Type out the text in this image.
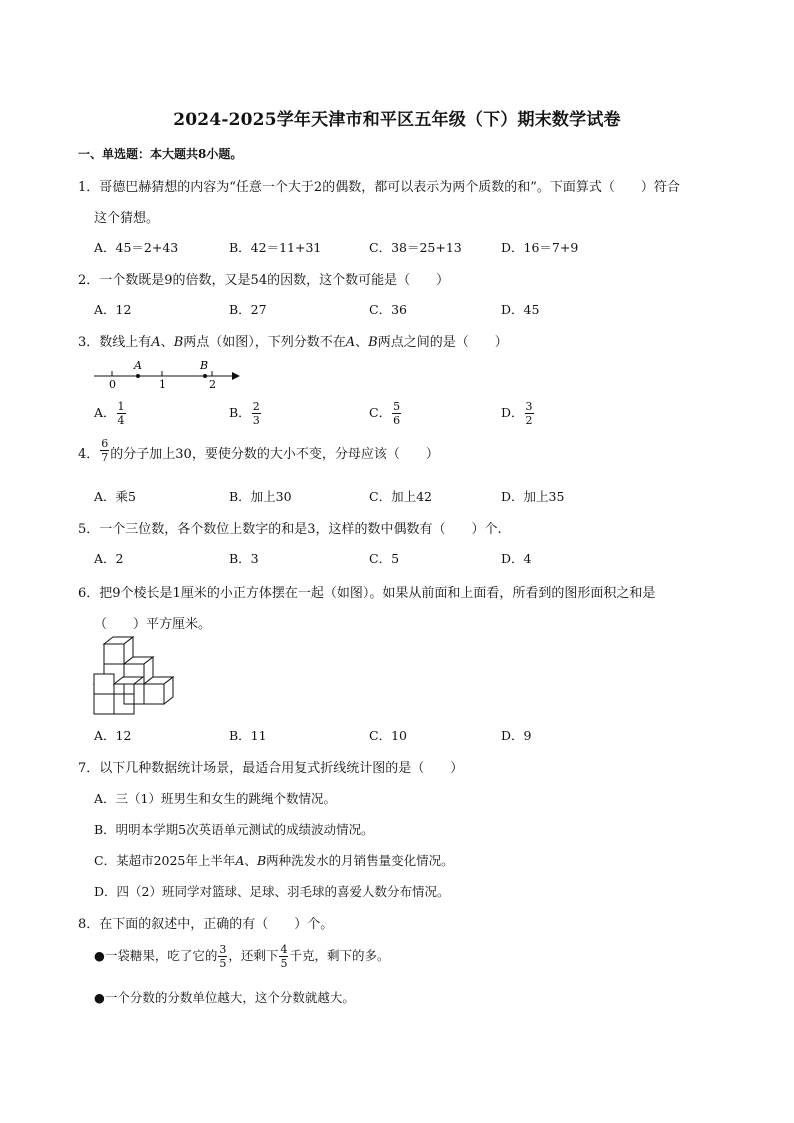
2024-2025学年天津市和平区五年级（下）期末数学试卷
一、单选题：本大题共8小题。
1．哥德巴赫猜想的内容为“任意一个大于2的偶数，都可以表示为两个质数的和”。下面算式（　　）符合
这个猜想。
A．45＝2+43	B．42＝11+31	C．38＝25+13	D．16＝7+9
2．一个数既是9的倍数，又是54的因数，这个数可能是（　　）
A．12	B．27	C．36	D．45
3．数线上有A、B两点（如图），下列分数不在A、B两点之间的是（　　）
A	B
0	1	2
A． $\frac{1}{4}$	B． $\frac{2}{3}$	C． $\frac{5}{6}$	D． $\frac{3}{2}$
4． $\frac{6}{7}$ 的分子加上30，要使分数的大小不变，分母应该（　　）
A．乘5	B．加上30	C．加上42	D．加上35
5．一个三位数，各个数位上数字的和是3，这样的数中偶数有（　　）个.
A．2	B．3	C．5	D．4
6．把9个棱长是1厘米的小正方体摆在一起（如图）。如果从前面和上面看，所看到的图形面积之和是
（　　）平方厘米。
A．12	B．11	C．10	D．9
7．以下几种数据统计场景，最适合用复式折线统计图的是（　　）
A．三（1）班男生和女生的跳绳个数情况。
B．明明本学期5次英语单元测试的成绩波动情况。
C．某超市2025年上半年A、B两种洗发水的月销售量变化情况。
D．四（2）班同学对篮球、足球、羽毛球的喜爱人数分布情况。
8．在下面的叙述中，正确的有（　　）个。
●一袋糖果，吃了它的 $\frac{3}{5}$ ，还剩下 $\frac{4}{5}$ 千克，剩下的多。
●一个分数的分数单位越大，这个分数就越大。
